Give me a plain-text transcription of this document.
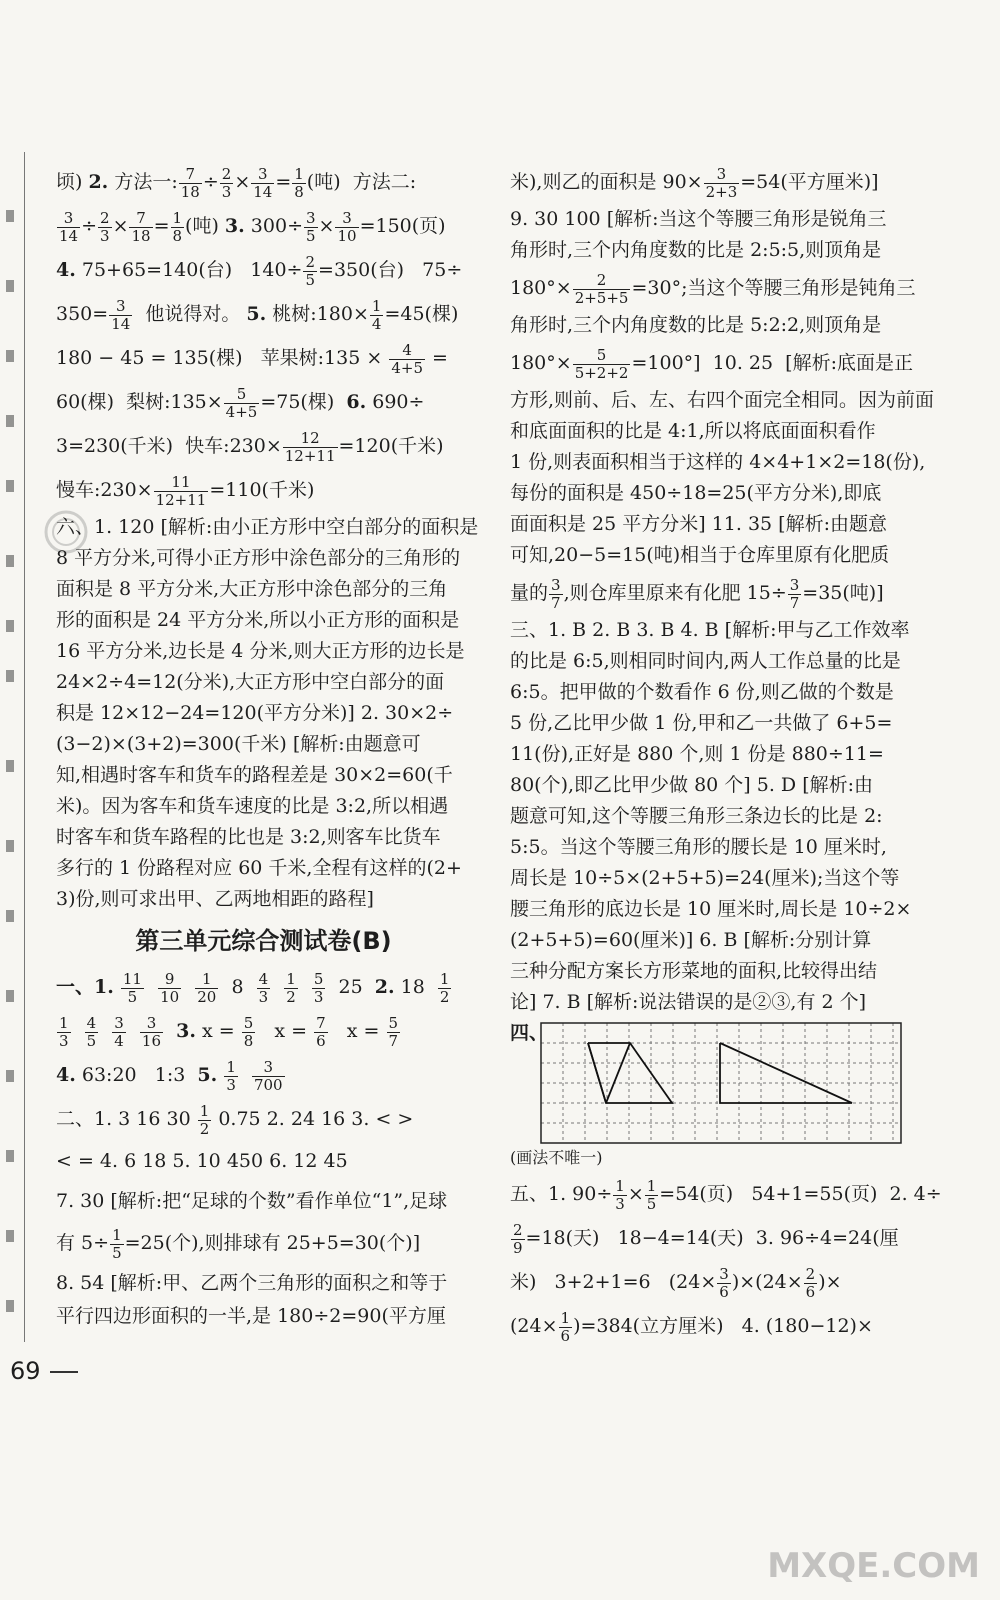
顷) 2. 方法一: $\frac{7}{18} \div \frac{2}{3} \times \frac{3}{14} = \frac{1}{8}$ (吨)  方法二:
$\frac{3}{14} \div \frac{2}{3} \times \frac{7}{18} = \frac{1}{8}$ (吨) 3. $300\div \frac{3}{5} \times \frac{3}{10} =150$(页)
4. 75+65=140(台)   $140\div \frac{2}{5} =350$(台)   75÷
$350= \frac{3}{14}$ 他说得对。 5. 桃树:180× $\frac{1}{4} =45$(棵)
180 − 45 = 135(棵)   苹果树:135 × $\frac{4}{4+5}$ =
60(棵)  梨树:135× $\frac{5}{4+5} =75$(棵)  6. 690÷
3=230(千米)  快车:230× $\frac{12}{12+11} =120$(千米)
慢车:230× $\frac{11}{12+11} =110$(千米)
六、1. 120 [解析:由小正方形中空白部分的面积是
8 平方分米,可得小正方形中涂色部分的三角形的
面积是 8 平方分米,大正方形中涂色部分的三角
形的面积是 24 平方分米,所以小正方形的面积是
16 平方分米,边长是 4 分米,则大正方形的边长是
24×2÷4=12(分米),大正方形中空白部分的面
积是 12×12−24=120(平方分米)] 2. 30×2÷
(3−2)×(3+2)=300(千米) [解析:由题意可
知,相遇时客车和货车的路程差是 30×2=60(千
米)。因为客车和货车速度的比是 3:2,所以相遇
时客车和货车路程的比也是 3:2,则客车比货车
多行的 1 份路程对应 60 千米,全程有这样的(2+
3)份,则可求出甲、乙两地相距的路程]
第三单元综合测试卷(B)
一、1. $\frac{11}{5}$
$\frac{9}{10}$
$\frac{1}{20} 8 \frac{4}{3}$
$\frac{1}{2}$
$\frac{5}{3} 25$  2. $18 \frac{1}{2}$
$\frac{1}{3}$
$\frac{4}{5}$
$\frac{3}{4}$
$\frac{3}{16} 3$. $x = \frac{5}{8}$ $x = \frac{7}{6}$ $x = \frac{5}{7}$
4. 63:20   1:3  5. $\frac{1}{3}$
$\frac{3}{700}$
二、1. 3 16 $30 \frac{1}{2} 0.75$ 2. 24 16 3. < >
< = 4. 6 18 5. 10 450 6. 12 45
7. 30 [解析:把“足球的个数”看作单位“1”,足球
有 $5\div \frac{1}{5} =25$(个),则排球有 25+5=30(个)]
8. 54 [解析:甲、乙两个三角形的面积之和等于
平行四边形面积的一半,是 180÷2=90(平方厘
米),则乙的面积是 $90\times \frac{3}{2+3} =54$(平方厘米)]
9. 30 100 [解析:当这个等腰三角形是锐角三
角形时,三个内角度数的比是 2:5:5,则顶角是
$180^\circ\times \frac{2}{2+5+5} =30^\circ$;当这个等腰三角形是钝角三
角形时,三个内角度数的比是 5:2:2,则顶角是
$180^\circ\times \frac{5}{5+2+2} =100^\circ$]  10. 25  [解析:底面是正
方形,则前、后、左、右四个面完全相同。因为前面
和底面面积的比是 4:1,所以将底面面积看作
1 份,则表面积相当于这样的 4×4+1×2=18(份),
每份的面积是 450÷18=25(平方分米),即底
面面积是 25 平方分米] 11. 35 [解析:由题意
可知,20−5=15(吨)相当于仓库里原有化肥质
量的 $\frac{3}{7}$ ,则仓库里原来有化肥 $15\div \frac{3}{7} =35$(吨)]
三、1. B 2. B 3. B 4. B [解析:甲与乙工作效率
的比是 6:5,则相同时间内,两人工作总量的比是
6:5。把甲做的个数看作 6 份,则乙做的个数是
5 份,乙比甲少做 1 份,甲和乙一共做了 6+5=
11(份),正好是 880 个,则 1 份是 880÷11=
80(个),即乙比甲少做 80 个] 5. D [解析:由
题意可知,这个等腰三角形三条边长的比是 2:
5:5。当这个等腰三角形的腰长是 10 厘米时,
周长是 10÷5×(2+5+5)=24(厘米);当这个等
腰三角形的底边长是 10 厘米时,周长是 10÷2×
(2+5+5)=60(厘米)] 6. B [解析:分别计算
三种分配方案长方形菜地的面积,比较得出结
论] 7. B [解析:说法错误的是②③,有 2 个]
四、
(画法不唯一)
五、1. $90\div \frac{1}{3} \times \frac{1}{5} =54$(页)   54+1=55(页)  2. 4÷
$\frac{2}{9} =18$(天)   18−4=14(天)  3. 96÷4=24(厘
米)   3+2+1=6   $(24\times \frac{3}{6} )\times(24\times \frac{2}{6}$ )×
$(24\times \frac{1}{6} )=384$(立方厘米)   4. (180−12)×
69
MXQE.COM
